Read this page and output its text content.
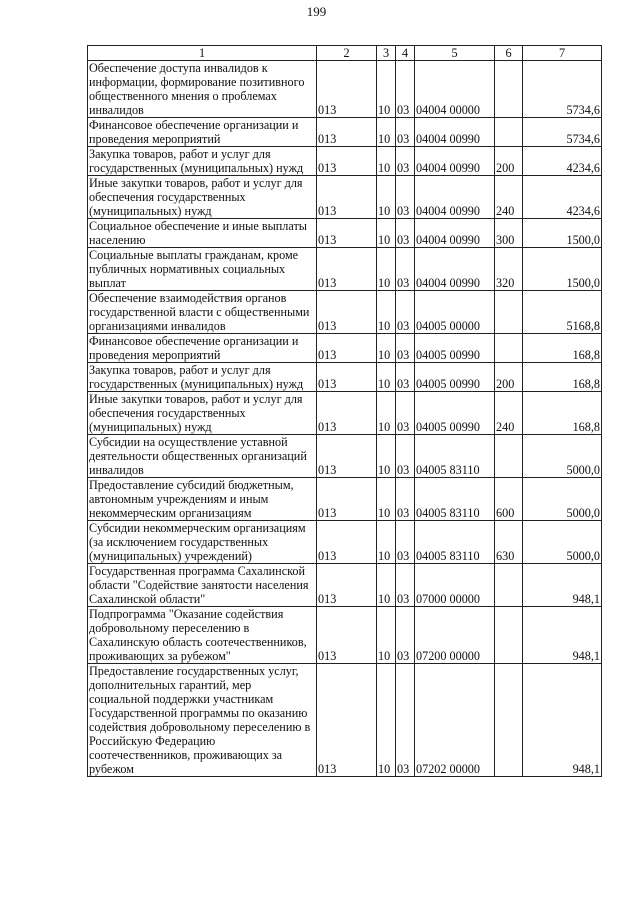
199
1	2	3	4	5	6	7
Обеспечение доступа инвалидов к информации, формирование позитивного общественного мнения о проблемах инвалидов	013	10	03	04004 00000		5734,6
Финансовое обеспечение организации и проведения мероприятий	013	10	03	04004 00990		5734,6
Закупка товаров, работ и услуг для государственных (муниципальных) нужд	013	10	03	04004 00990	200	4234,6
Иные закупки товаров, работ и услуг для обеспечения государственных (муниципальных) нужд	013	10	03	04004 00990	240	4234,6
Социальное обеспечение и иные выплаты населению	013	10	03	04004 00990	300	1500,0
Социальные выплаты гражданам, кроме публичных нормативных социальных выплат	013	10	03	04004 00990	320	1500,0
Обеспечение взаимодействия органов государственной власти с общественными организациями инвалидов	013	10	03	04005 00000		5168,8
Финансовое обеспечение организации и проведения мероприятий	013	10	03	04005 00990		168,8
Закупка товаров, работ и услуг для государственных (муниципальных) нужд	013	10	03	04005 00990	200	168,8
Иные закупки товаров, работ и услуг для обеспечения государственных (муниципальных) нужд	013	10	03	04005 00990	240	168,8
Субсидии на осуществление уставной деятельности общественных организаций инвалидов	013	10	03	04005 83110		5000,0
Предоставление субсидий бюджетным, автономным учреждениям и иным некоммерческим организациям	013	10	03	04005 83110	600	5000,0
Субсидии некоммерческим организациям (за исключением государственных (муниципальных) учреждений)	013	10	03	04005 83110	630	5000,0
Государственная программа Сахалинской области "Содействие занятости населения Сахалинской области"	013	10	03	07000 00000		948,1
Подпрограмма "Оказание содействия добровольному переселению в Сахалинскую область соотечественников, проживающих за рубежом"	013	10	03	07200 00000		948,1
Предоставление государственных услуг, дополнительных гарантий, мер социальной поддержки участникам Государственной программы по оказанию содействия добровольному переселению в Российскую Федерацию соотечественников, проживающих за рубежом	013	10	03	07202 00000		948,1
